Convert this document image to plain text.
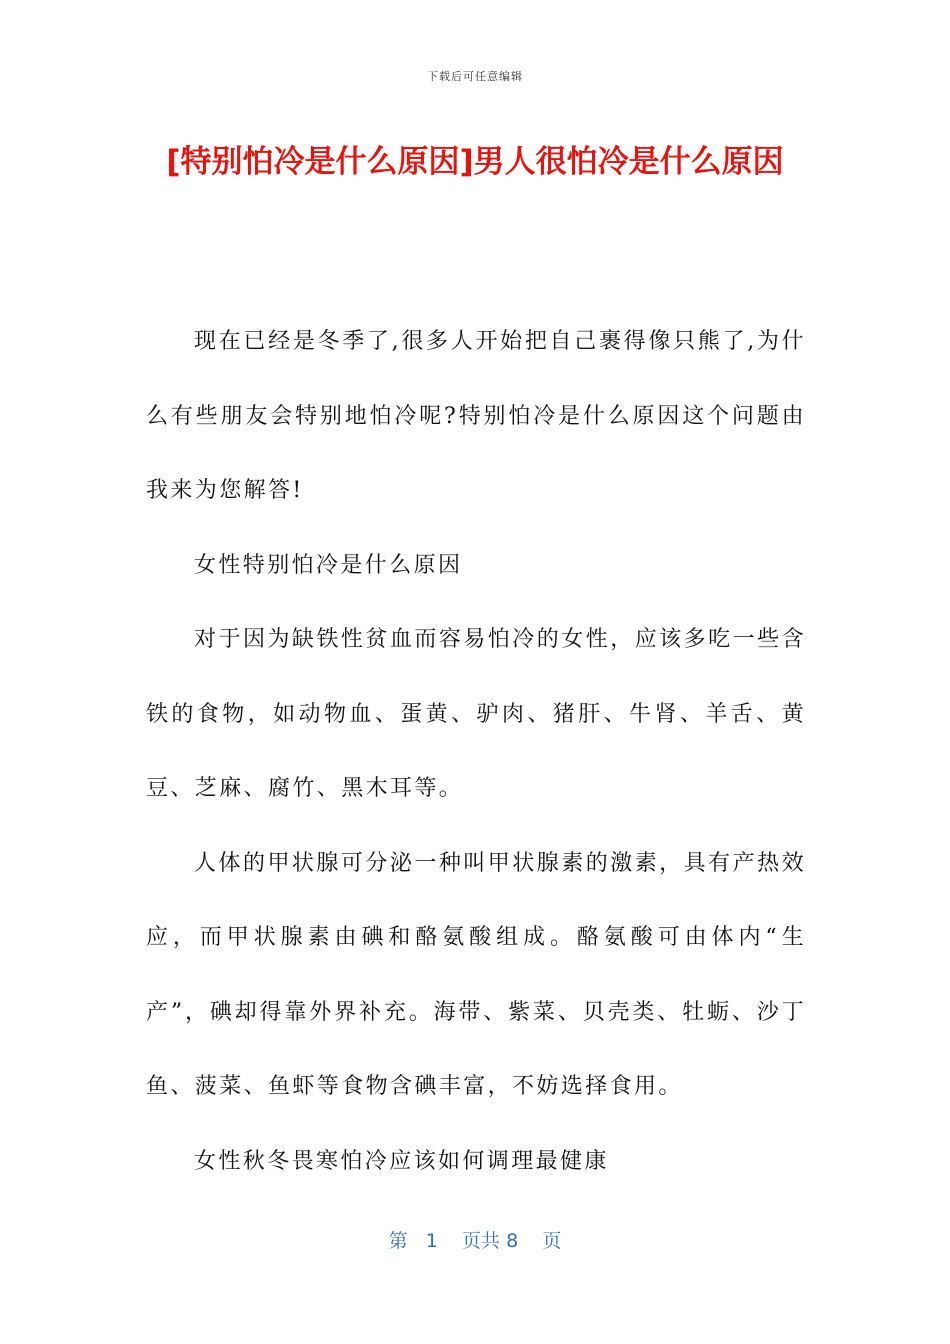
下载后可任意编辑
[特别怕冷是什么原因]男人很怕冷是什么原因

现在已经是冬季了,很多人开始把自己裹得像只熊了,为什么有些朋友会特别地怕冷呢?特别怕冷是什么原因这个问题由我来为您解答!

女性特别怕冷是什么原因

对于因为缺铁性贫血而容易怕冷的女性，应该多吃一些含铁的食物，如动物血、蛋黄、驴肉、猪肝、牛肾、羊舌、黄豆、芝麻、腐竹、黑木耳等。

人体的甲状腺可分泌一种叫甲状腺素的激素，具有产热效应，而甲状腺素由碘和酪氨酸组成。酪氨酸可由体内“生产”，碘却得靠外界补充。海带、紫菜、贝壳类、牡蛎、沙丁鱼、菠菜、鱼虾等食物含碘丰富，不妨选择食用。

女性秋冬畏寒怕冷应该如何调理最健康

第 1 页共 8 页
